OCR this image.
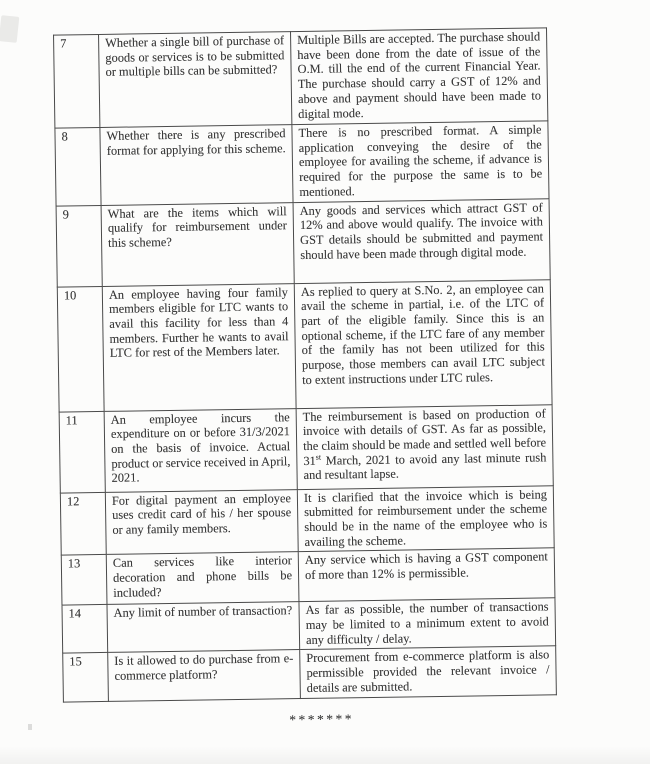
7	Whether a single bill of purchase of goods or services is to be submitted or multiple bills can be submitted?	Multiple Bills are accepted. The purchase should have been done from the date of issue of the O.M. till the end of the current Financial Year. The purchase should carry a GST of 12% and above and payment should have been made to digital mode.
8	Whether there is any prescribed format for applying for this scheme.	There is no prescribed format. A simple application conveying the desire of the employee for availing the scheme, if advance is required for the purpose the same is to be mentioned.
9	What are the items which will qualify for reimbursement under this scheme?	Any goods and services which attract GST of 12% and above would qualify. The invoice with GST details should be submitted and payment should have been made through digital mode.
10	An employee having four family members eligible for LTC wants to avail this facility for less than 4 members. Further he wants to avail LTC for rest of the Members later.	As replied to query at S.No. 2, an employee can avail the scheme in partial, i.e. of the LTC of part of the eligible family. Since this is an optional scheme, if the LTC fare of any member of the family has not been utilized for this purpose, those members can avail LTC subject to extent instructions under LTC rules.
11	An employee incurs the expenditure on or before 31/3/2021 on the basis of invoice. Actual product or service received in April, 2021.	The reimbursement is based on production of invoice with details of GST. As far as possible, the claim should be made and settled well before 31st March, 2021 to avoid any last minute rush and resultant lapse.
12	For digital payment an employee uses credit card of his / her spouse or any family members.	It is clarified that the invoice which is being submitted for reimbursement under the scheme should be in the name of the employee who is availing the scheme.
13	Can services like interior decoration and phone bills be included?	Any service which is having a GST component of more than 12% is permissible.
14	Any limit of number of transaction?	As far as possible, the number of transactions may be limited to a minimum extent to avoid any difficulty / delay.
15	Is it allowed to do purchase from e-commerce platform?	Procurement from e-commerce platform is also permissible provided the relevant invoice / details are submitted.
*******
